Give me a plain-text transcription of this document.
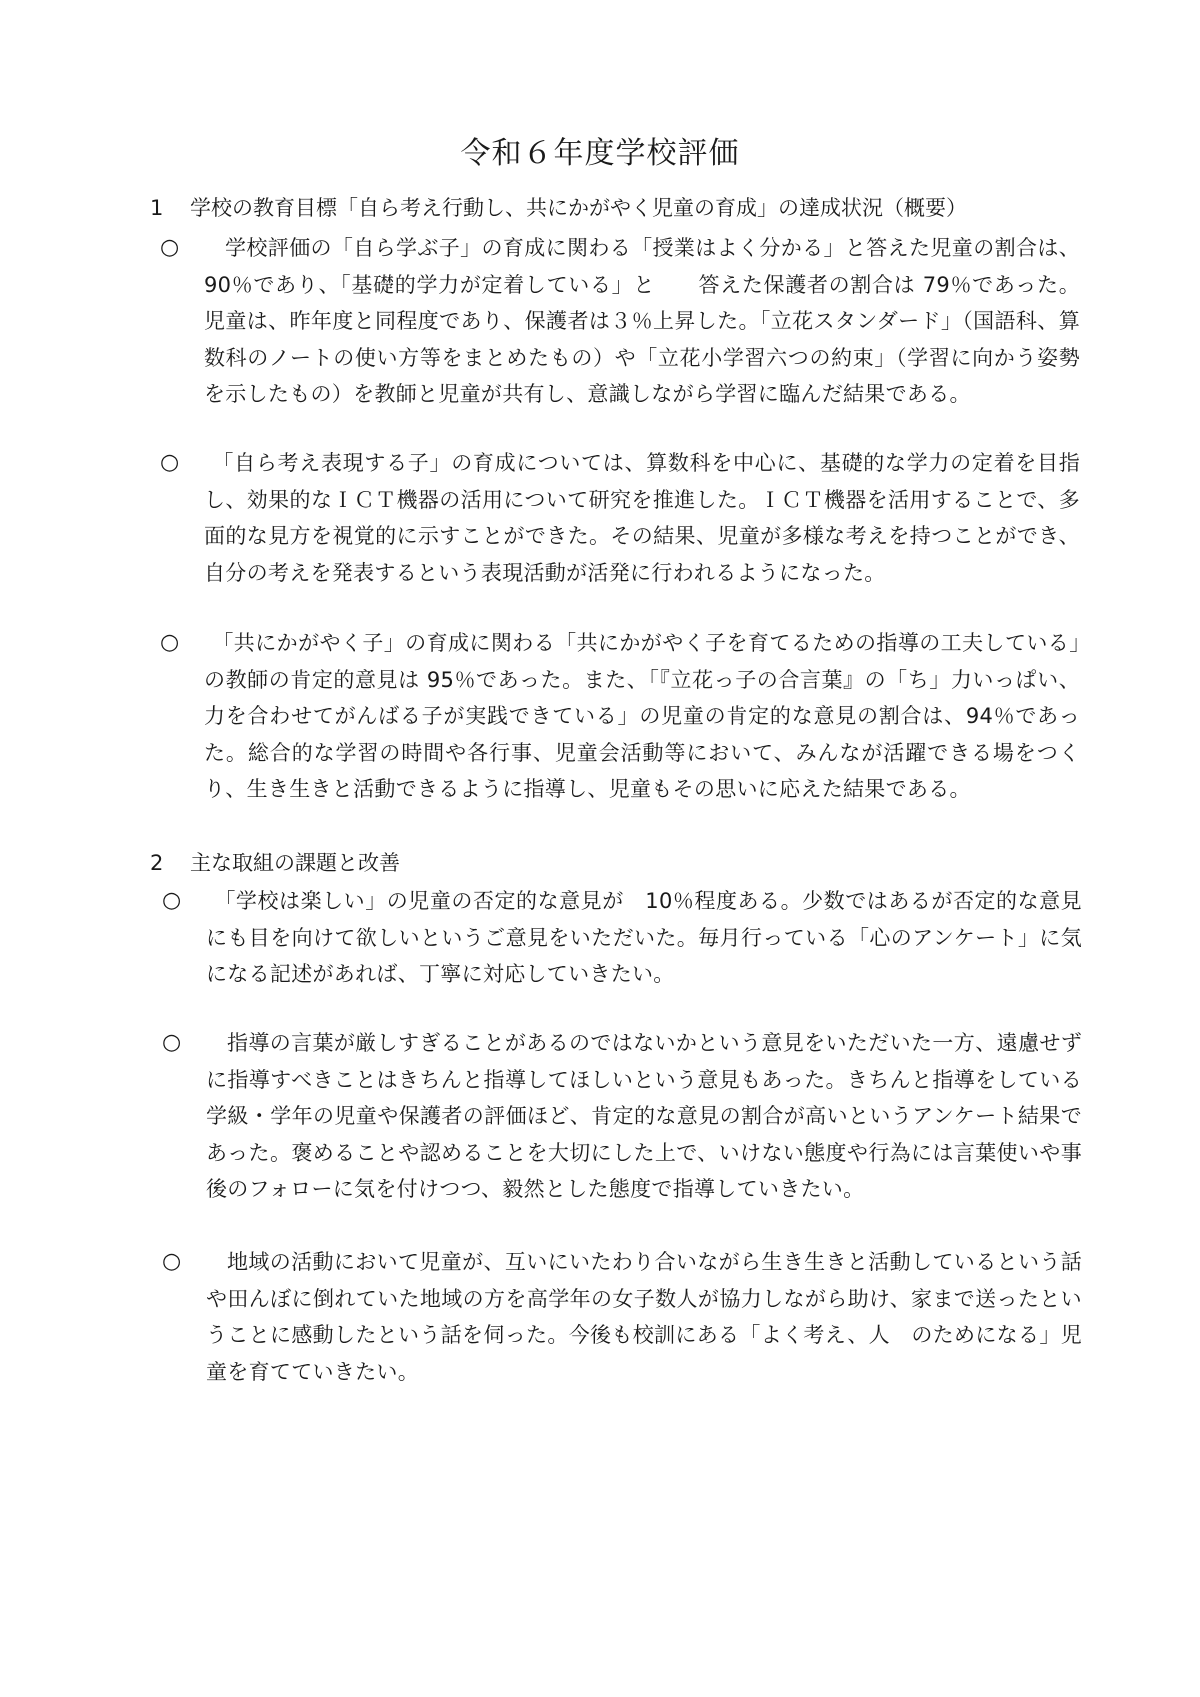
令和６年度学校評価
1 学校の教育目標「自ら考え行動し、共にかがやく児童の育成」の達成状況（概要）
○	学校評価の「自ら学ぶ子」の育成に関わる「授業はよく分かる」と答えた児童の割合は、90％であり、「基礎的学力が定着している」と　　答えた保護者の割合は 79％であった。児童は、昨年度と同程度であり、保護者は３％上昇した。「立花スタンダード」（国語科、算数科のノートの使い方等をまとめたもの）や「立花小学習六つの約束」（学習に向かう姿勢を示したもの）を教師と児童が共有し、意識しながら学習に臨んだ結果である。

○	「自ら考え表現する子」の育成については、算数科を中心に、基礎的な学力の定着を目指し、効果的なＩＣＴ機器の活用について研究を推進した。ＩＣＴ機器を活用することで、多面的な見方を視覚的に示すことができた。その結果、児童が多様な考えを持つことができ、自分の考えを発表するという表現活動が活発に行われるようになった。

○	「共にかがやく子」の育成に関わる「共にかがやく子を育てるための指導の工夫している」の教師の肯定的意見は 95％であった。また、「『立花っ子の合言葉』の「ち」力いっぱい、力を合わせてがんばる子が実践できている」の児童の肯定的な意見の割合は、94％であった。総合的な学習の時間や各行事、児童会活動等において、みんなが活躍できる場をつくり、生き生きと活動できるように指導し、児童もその思いに応えた結果である。

2 主な取組の課題と改善
○	「学校は楽しい」の児童の否定的な意見が　10％程度ある。少数ではあるが否定的な意見にも目を向けて欲しいというご意見をいただいた。毎月行っている「心のアンケート」に気になる記述があれば、丁寧に対応していきたい。

○	指導の言葉が厳しすぎることがあるのではないかという意見をいただいた一方、遠慮せずに指導すべきことはきちんと指導してほしいという意見もあった。きちんと指導をしている学級・学年の児童や保護者の評価ほど、肯定的な意見の割合が高いというアンケート結果であった。褒めることや認めることを大切にした上で、いけない態度や行為には言葉使いや事後のフォローに気を付けつつ、毅然とした態度で指導していきたい。

○	地域の活動において児童が、互いにいたわり合いながら生き生きと活動しているという話や田んぼに倒れていた地域の方を高学年の女子数人が協力しながら助け、家まで送ったということに感動したという話を伺った。今後も校訓にある「よく考え、人　のためになる」児童を育てていきたい。
